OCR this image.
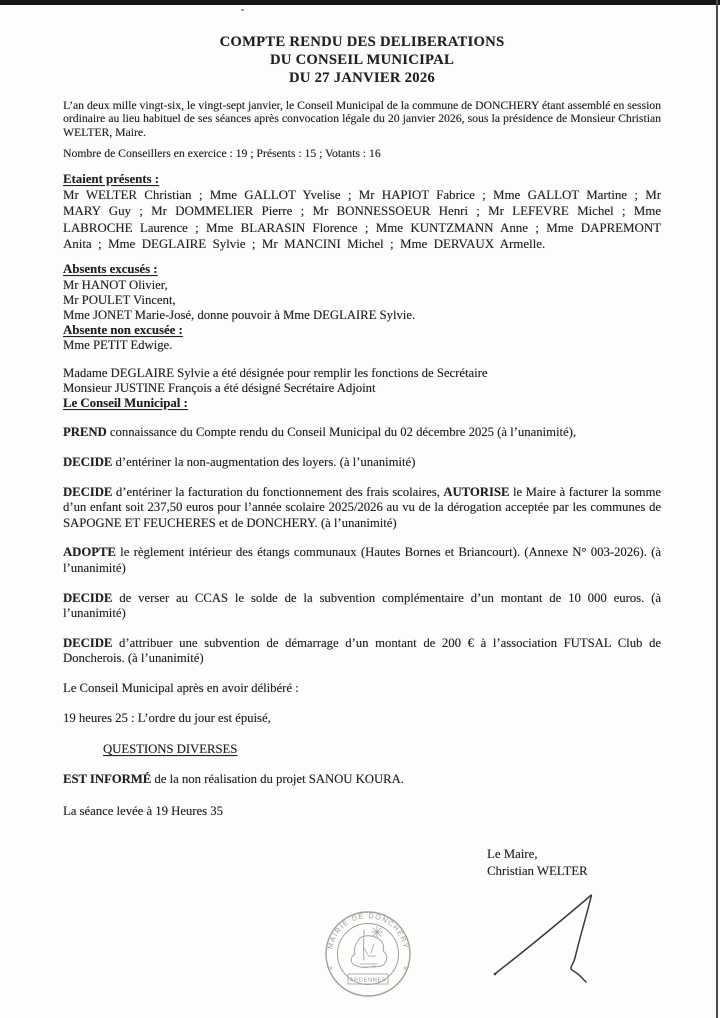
COMPTE RENDU DES DELIBERATIONS
DU CONSEIL MUNICIPAL
DU 27 JANVIER 2026

L’an deux mille vingt-six, le vingt-sept janvier, le Conseil Municipal de la commune de DONCHERY étant assemblé en session ordinaire au lieu habituel de ses séances après convocation légale du 20 janvier 2026, sous la présidence de Monsieur Christian WELTER, Maire.

Nombre de Conseillers en exercice : 19 ; Présents : 15 ; Votants : 16

Etaient présents :

Mr WELTER Christian ; Mme GALLOT Yvelise ; Mr HAPIOT Fabrice ; Mme GALLOT Martine ; Mr MARY Guy ; Mr DOMMELIER Pierre ; Mr BONNESSOEUR Henri ; Mr LEFEVRE Michel ; Mme LABROCHE Laurence ; Mme BLARASIN Florence ; Mme KUNTZMANN Anne ; Mme DAPREMONT Anita ; Mme DEGLAIRE Sylvie ; Mr MANCINI Michel ; Mme DERVAUX Armelle.

Absents excusés :

Mr HANOT Olivier,

Mr POULET Vincent,

Mme JONET Marie-José, donne pouvoir à Mme DEGLAIRE Sylvie.

Absente non excusée :

Mme PETIT Edwige.

Madame DEGLAIRE Sylvie a été désignée pour remplir les fonctions de Secrétaire

Monsieur JUSTINE François a été désigné Secrétaire Adjoint

Le Conseil Municipal :

PREND connaissance du Compte rendu du Conseil Municipal du 02 décembre 2025 (à l’unanimité),

DECIDE d’entériner la non-augmentation des loyers. (à l’unanimité)

DECIDE d’entériner la facturation du fonctionnement des frais scolaires, AUTORISE le Maire à facturer la somme d’un enfant soit 237,50 euros pour l’année scolaire 2025/2026 au vu de la dérogation acceptée par les communes de SAPOGNE ET FEUCHERES et de DONCHERY. (à l’unanimité)

ADOPTE le règlement intérieur des étangs communaux (Hautes Bornes et Briancourt). (Annexe N° 003-2026). (à l’unanimité)

DECIDE de verser au CCAS le solde de la subvention complémentaire d’un montant de 10 000 euros. (à l’unanimité)

DECIDE d’attribuer une subvention de démarrage d’un montant de 200 € à l’association FUTSAL Club de Doncherois. (à l’unanimité)

Le Conseil Municipal après en avoir délibéré :

19 heures 25 : L’ordre du jour est épuisé,

QUESTIONS DIVERSES

EST INFORMÉ de la non réalisation du projet SANOU KOURA.

La séance levée à 19 Heures 35

Le Maire,
Christian WELTER
MAIRIE DE DONCHERY
✳	✳
ARDENNES
